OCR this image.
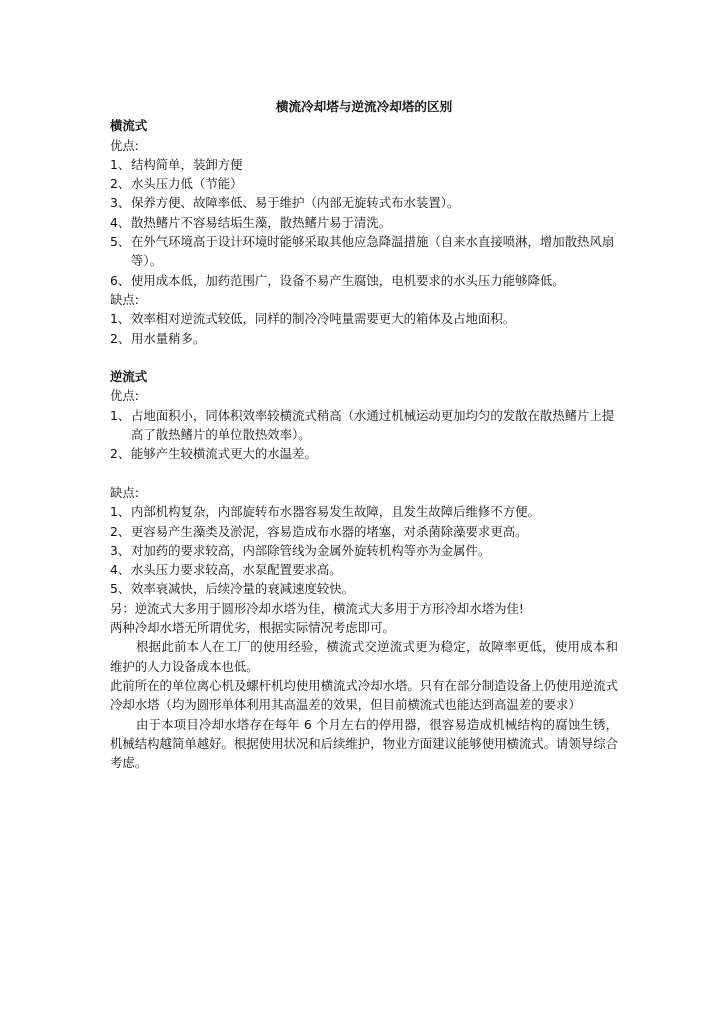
横流冷却塔与逆流冷却塔的区别

横流式

优点:

1、 结构简单，装卸方便

2、 水头压力低（节能）

3、 保养方便、故障率低、易于维护（内部无旋转式布水装置）。

4、 散热鳍片不容易结垢生藻，散热鳍片易于清洗。

5、 在外气环境高于设计环境时能够采取其他应急降温措施（自来水直接喷淋，增加散热风扇等）。

6、 使用成本低，加药范围广，设备不易产生腐蚀，电机要求的水头压力能够降低。

缺点:

1、 效率相对逆流式较低，同样的制冷冷吨量需要更大的箱体及占地面积。

2、 用水量稍多。

逆流式

优点:

1、 占地面积小，同体积效率较横流式稍高（水通过机械运动更加均匀的发散在散热鳍片上提高了散热鳍片的单位散热效率）。

2、 能够产生较横流式更大的水温差。

缺点:

1、 内部机构复杂，内部旋转布水器容易发生故障，且发生故障后维修不方便。

2、 更容易产生藻类及淤泥，容易造成布水器的堵塞，对杀菌除藻要求更高。

3、 对加药的要求较高，内部除管线为金属外旋转机构等亦为金属件。

4、 水头压力要求较高，水泵配置要求高。

5、 效率衰减快，后续冷量的衰减速度较快。

另：逆流式大多用于圆形冷却水塔为佳，横流式大多用于方形冷却水塔为佳!

两种冷却水塔无所谓优劣，根据实际情况考虑即可。

根据此前本人在工厂的使用经验，横流式交逆流式更为稳定，故障率更低，使用成本和维护的人力设备成本也低。

此前所在的单位离心机及螺杆机均使用横流式冷却水塔。只有在部分制造设备上仍使用逆流式冷却水塔（均为圆形单体利用其高温差的效果，但目前横流式也能达到高温差的要求）

由于本项目冷却水塔存在每年 6 个月左右的停用器，很容易造成机械结构的腐蚀生锈，机械结构越简单越好。根据使用状况和后续维护，物业方面建议能够使用横流式。请领导综合考虑。
